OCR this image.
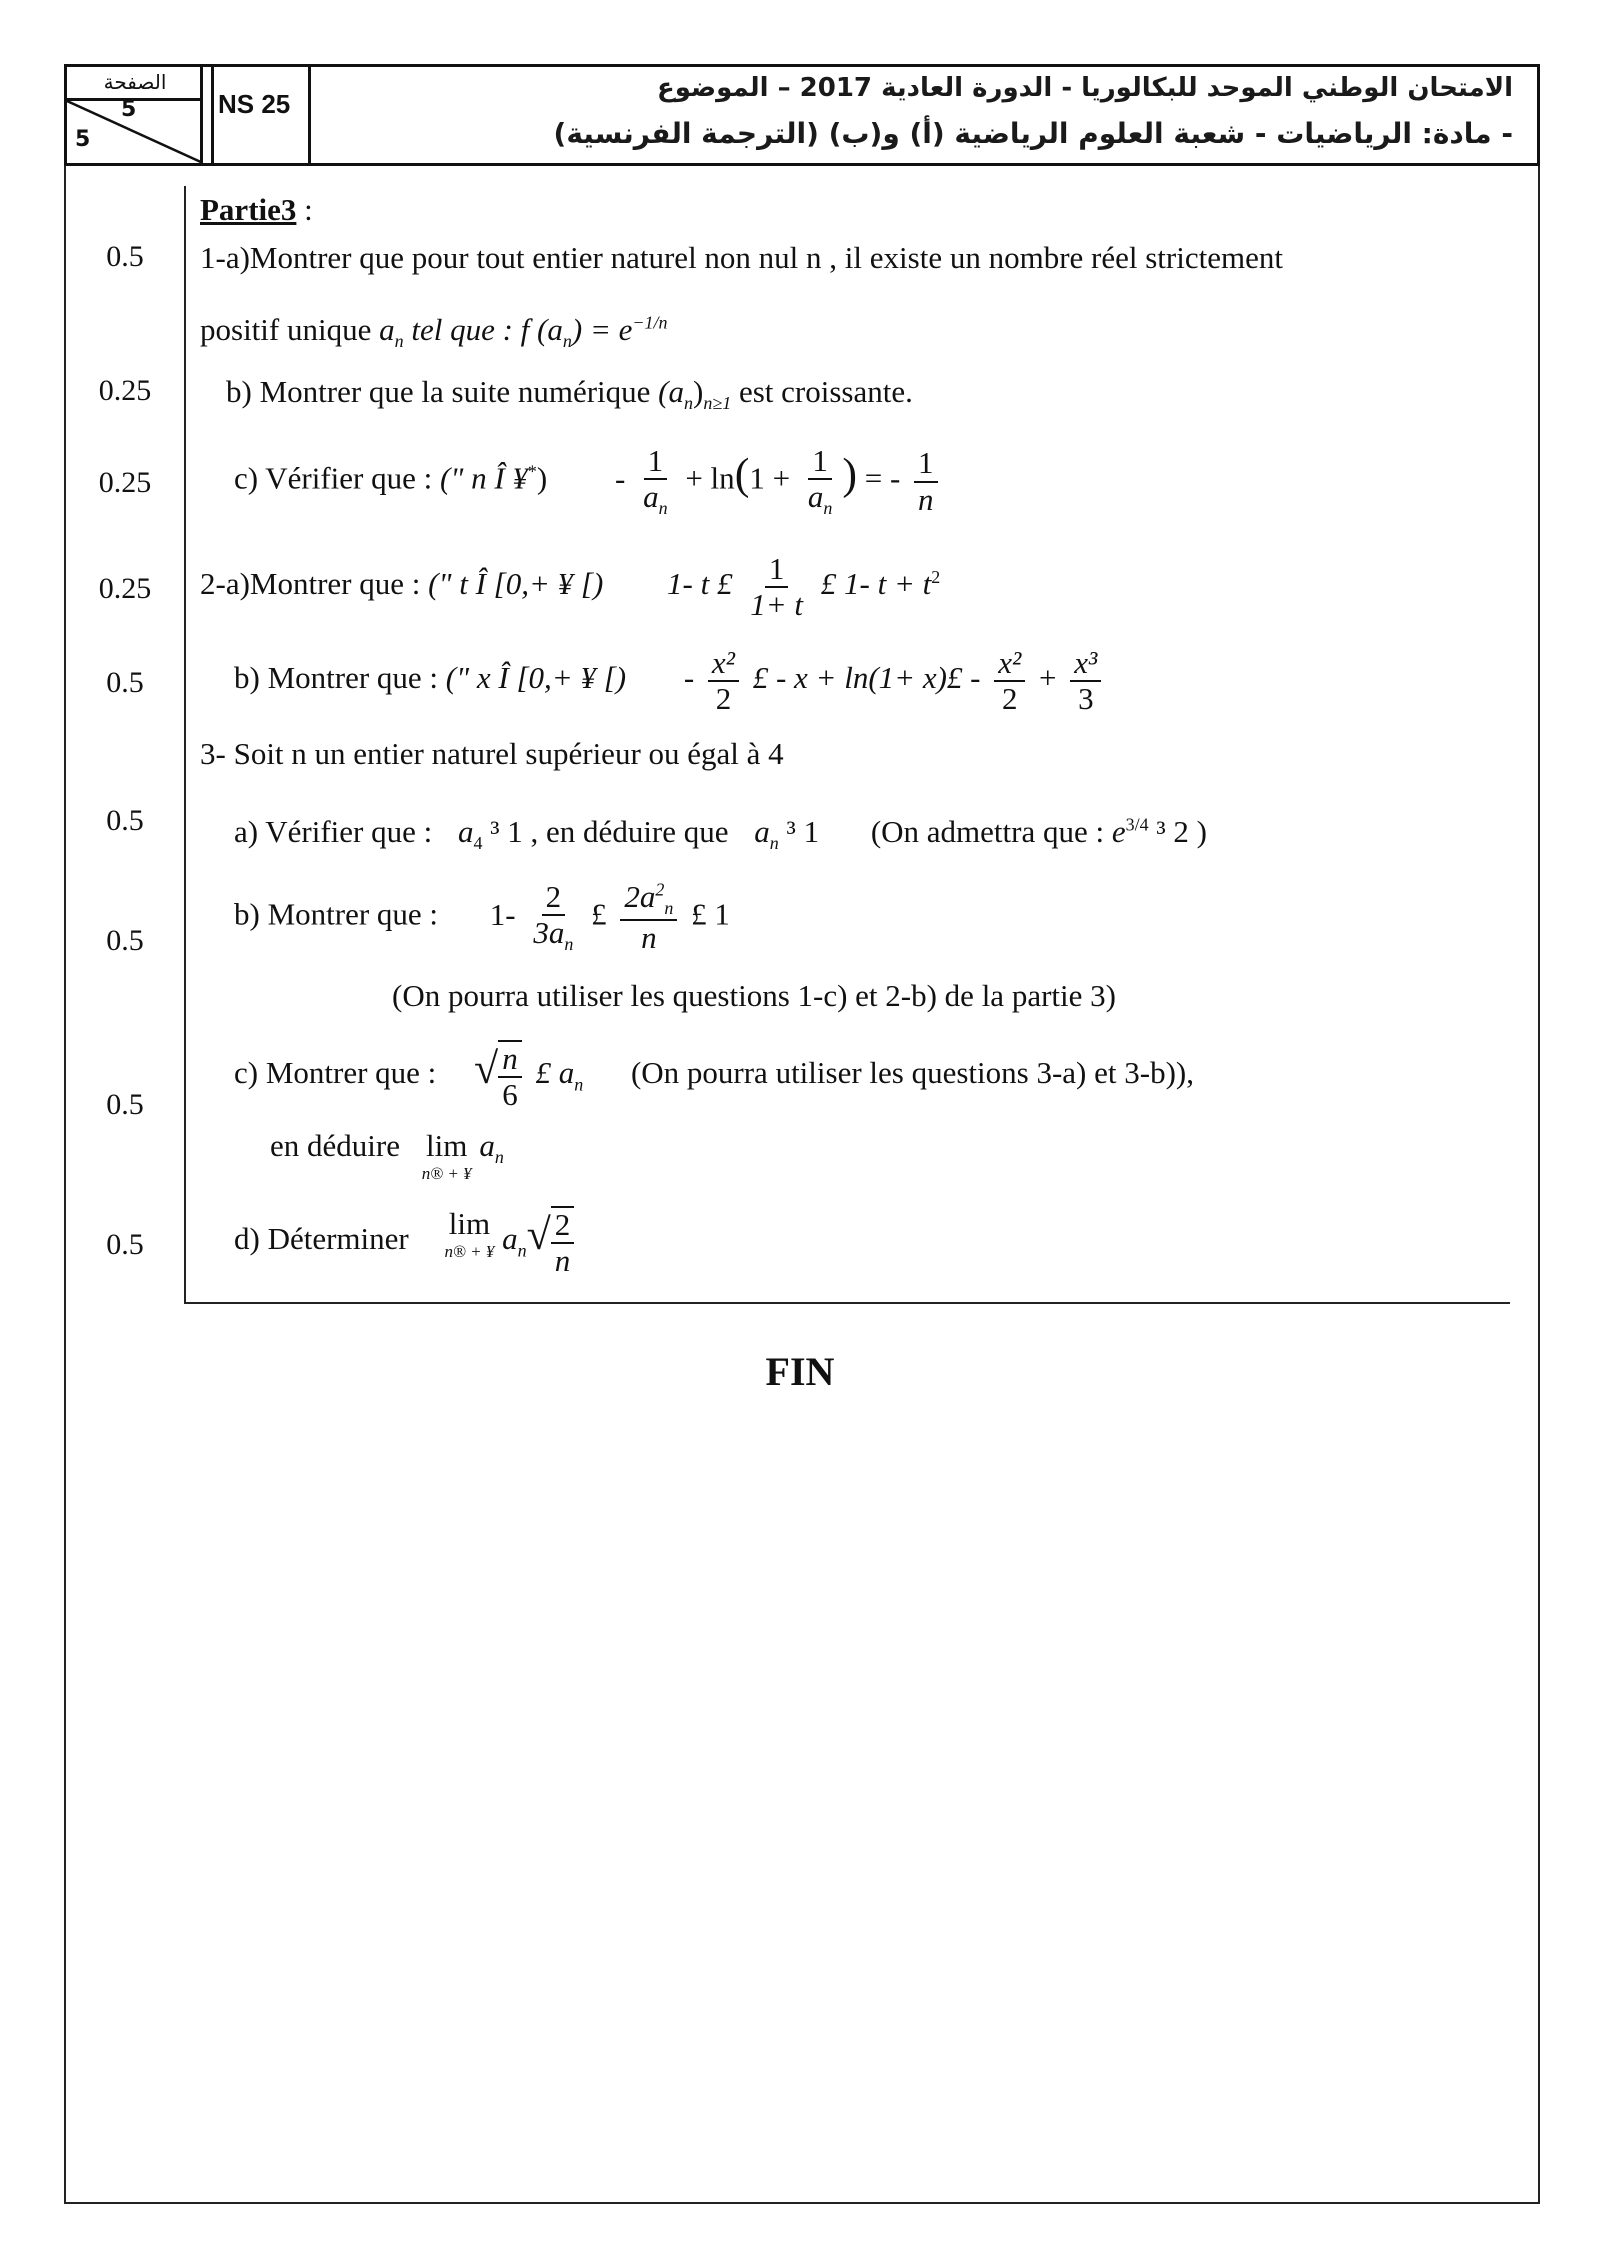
الصفحة
5
5
NS 25
الامتحان الوطني الموحد للبكالوريا - الدورة العادية 2017 – الموضوع
- مادة: الرياضيات - شعبة العلوم الرياضية (أ) و(ب) (الترجمة الفرنسية)
0.5
0.25
0.25
0.25
0.5
0.5
0.5
0.5
0.5
Partie3 :
1-a)Montrer que pour tout entier naturel non nul n , il existe un nombre réel strictement
positif unique $a_n$ tel que : f $(a_n) = e^{-1/n}$
b) Montrer que la suite numérique $(a_n)_{n\ge 1}$ est croissante.
c) Vérifier que : (" n Î ¥*) - $\frac{1}{a_n} + \ln(1 + \frac{1}{a_n}$ ) = - $\frac{1}{n}$
2-a)Montrer que : (" t Î [0,+ ¥ [) 1- t £ $\frac{1}{1+ t}$ £ 1- $t + t^2$
b) Montrer que : (" x Î [0,+ ¥ [) - $\frac{\text{x²}}{2}$ £ - x + ln(1+ x)£ - $\frac{\text{x²}}{2} + \frac{\text{x³}}{3}$
3- Soit n un entier naturel supérieur ou égal à 4
a) Vérifier que : $a_4$ ³ 1 , en déduire que $a_n$ ³ 1 (On admettra que : $e^{3/4}$ ³ 2 )
b) Montrer que : $1- \frac{2}{3a_n}$ £ $\frac{2a^2_n}{n}$ £ 1
(On pourra utiliser les questions 1-c) et 2-b) de la partie 3)
c) Montrer que : √ $\frac{n}{6}$ £ $a_n$ (On pourra utiliser les questions 3-a) et 3-b)),
en déduire lim
n® + ¥
$a_n$
d) Déterminer lim
n® + ¥ $a_n√ \frac{2}{n}$
FIN
